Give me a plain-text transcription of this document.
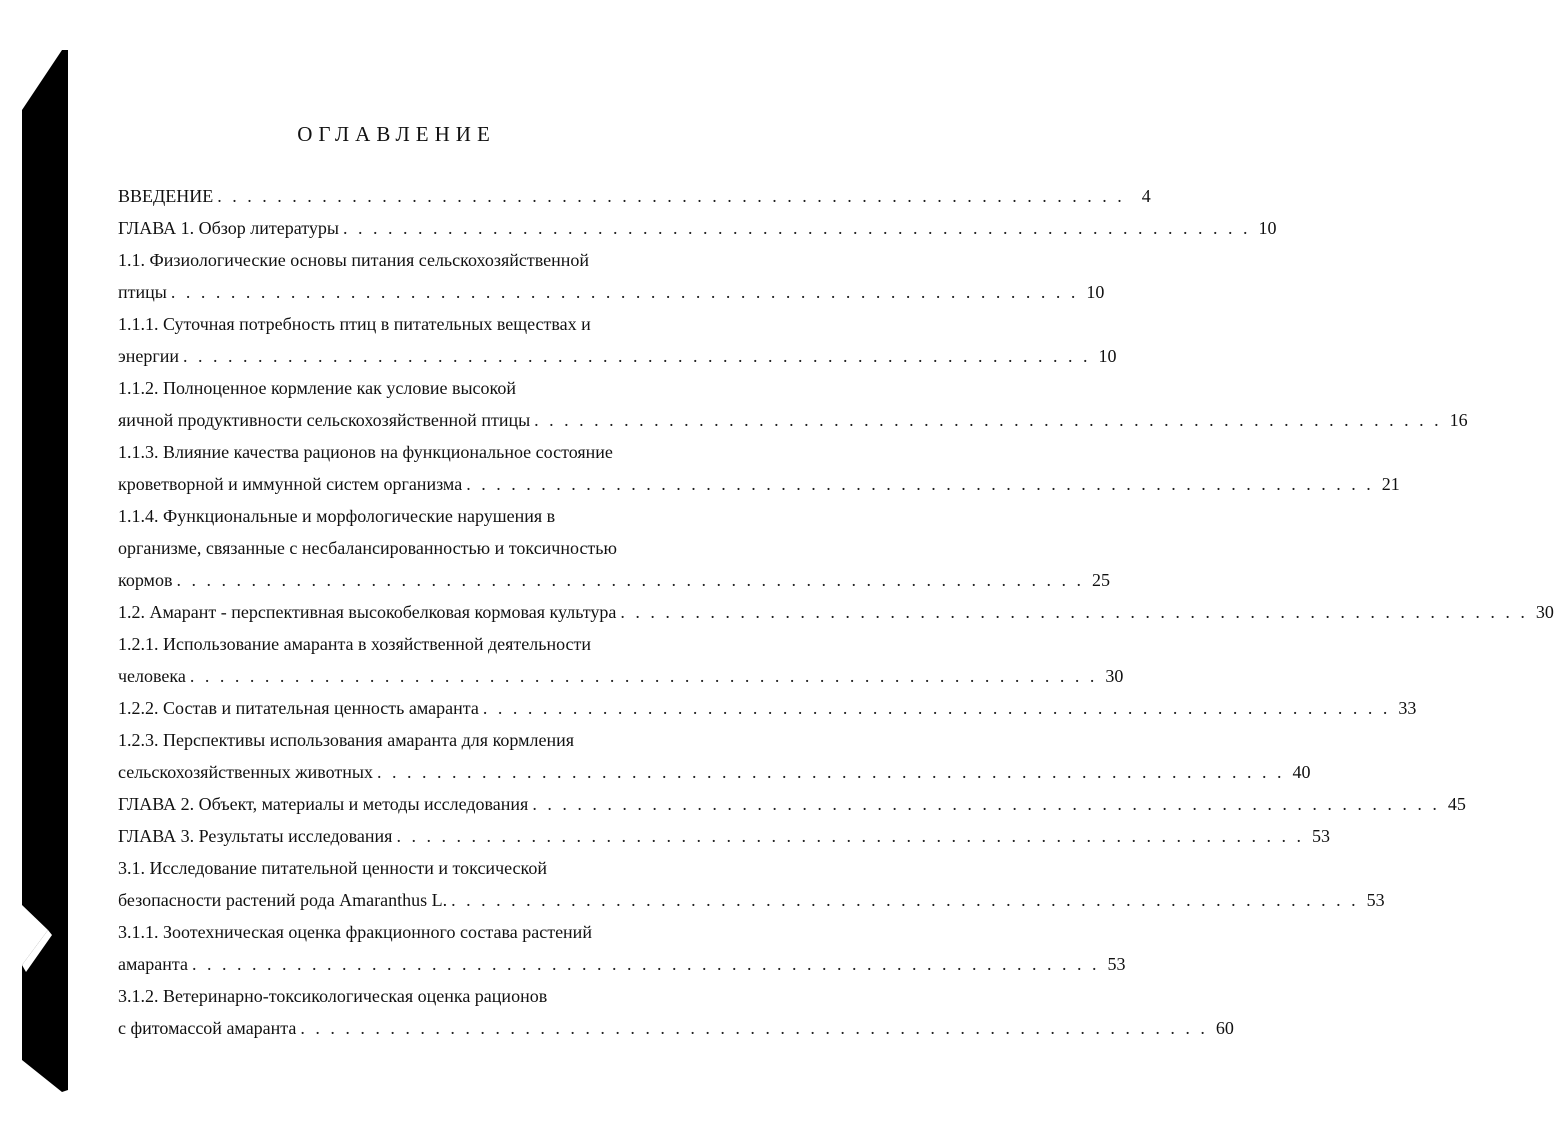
ОГЛАВЛЕНИЕ
ВВЕДЕНИЕ . . . . . . . . . . . . . . . . . . . . . . . . . . . . . . . . . . . . . . . . . . . . . . . . . . . . . . . . . . . . . 4
ГЛАВА 1. Обзор литературы . . . . . . . . . . . . . . . . . . . . . . . . . . . . . . . . . . . . . . . . . . . . . . . . . . . . . . . . . . . . . 10
1.1. Физиологические основы питания сельскохозяйственной
птицы . . . . . . . . . . . . . . . . . . . . . . . . . . . . . . . . . . . . . . . . . . . . . . . . . . . . . . . . . . . . . 10
1.1.1. Суточная потребность птиц в питательных веществах и
энергии . . . . . . . . . . . . . . . . . . . . . . . . . . . . . . . . . . . . . . . . . . . . . . . . . . . . . . . . . . . . . 10
1.1.2. Полноценное кормление как условие высокой
яичной продуктивности сельскохозяйственной птицы . . . . . . . . . . . . . . . . . . . . . . . . . . . . . . . . . . . . . . . . . . . . . . . . . . . . . . . . . . . . . 16
1.1.3. Влияние качества рационов на функциональное состояние
кроветворной и иммунной систем организма . . . . . . . . . . . . . . . . . . . . . . . . . . . . . . . . . . . . . . . . . . . . . . . . . . . . . . . . . . . . . 21
1.1.4. Функциональные и морфологические нарушения в
организме, связанные с несбалансированностью и токсичностью
кормов . . . . . . . . . . . . . . . . . . . . . . . . . . . . . . . . . . . . . . . . . . . . . . . . . . . . . . . . . . . . . 25
1.2. Амарант - перспективная высокобелковая кормовая культура . . . . . . . . . . . . . . . . . . . . . . . . . . . . . . . . . . . . . . . . . . . . . . . . . . . . . . . . . . . . . 30
1.2.1. Использование амаранта в хозяйственной деятельности
человека . . . . . . . . . . . . . . . . . . . . . . . . . . . . . . . . . . . . . . . . . . . . . . . . . . . . . . . . . . . . . 30
1.2.2. Состав и питательная ценность амаранта . . . . . . . . . . . . . . . . . . . . . . . . . . . . . . . . . . . . . . . . . . . . . . . . . . . . . . . . . . . . . 33
1.2.3. Перспективы использования амаранта для кормления
сельскохозяйственных животных . . . . . . . . . . . . . . . . . . . . . . . . . . . . . . . . . . . . . . . . . . . . . . . . . . . . . . . . . . . . . 40
ГЛАВА 2. Объект, материалы и методы исследования . . . . . . . . . . . . . . . . . . . . . . . . . . . . . . . . . . . . . . . . . . . . . . . . . . . . . . . . . . . . . 45
ГЛАВА 3. Результаты исследования . . . . . . . . . . . . . . . . . . . . . . . . . . . . . . . . . . . . . . . . . . . . . . . . . . . . . . . . . . . . . 53
3.1. Исследование питательной ценности и токсической
безопасности растений рода Amaranthus L. . . . . . . . . . . . . . . . . . . . . . . . . . . . . . . . . . . . . . . . . . . . . . . . . . . . . . . . . . . . . . 53
3.1.1. Зоотехническая оценка фракционного состава растений
амаранта . . . . . . . . . . . . . . . . . . . . . . . . . . . . . . . . . . . . . . . . . . . . . . . . . . . . . . . . . . . . . 53
3.1.2. Ветеринарно-токсикологическая оценка рационов
с фитомассой амаранта . . . . . . . . . . . . . . . . . . . . . . . . . . . . . . . . . . . . . . . . . . . . . . . . . . . . . . . . . . . . . 60
